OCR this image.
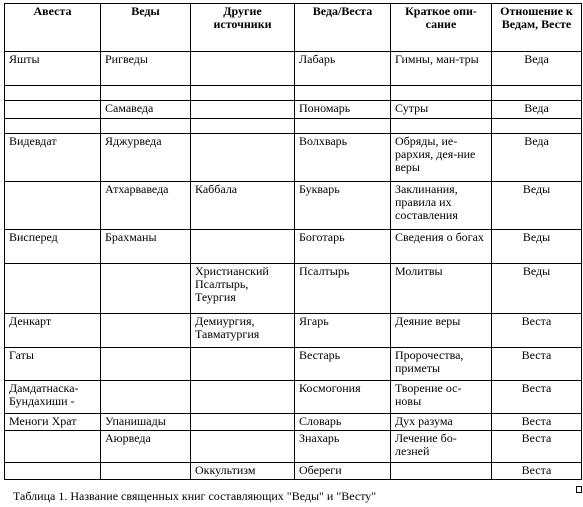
Авеста	Веды	Другие источники	Веда/Веста	Краткое опи-сание	Отношение к Ведам, Весте
Яшты	Ригведы		Лабарь	Гимны, ман-тры	Веда

	Самаведа		Пономарь	Сутры	Веда

Видевдат	Яджурведа		Волхварь	Обряды, ие-рархия, дея-ние веры	Веда
	Атхарваведа	Каббала	Букварь	Заклинания, правила их составления	Веды
Висперед	Брахманы		Боготарь	Сведения о богах	Веды
		Христианский Псалтырь, Теургия	Псалтырь	Молитвы	Веды
Денкарт		Демиургия, Тавматургия	Ягарь	Деяние веры	Веста
Гаты			Вестарь	Пророчества, приметы	Веста
Дамдатнаска-Бундахиши -			Космогония	Творение ос-новы	Веста
Меноги Храт	Упанишады		Словарь	Дух разума	Веста
	Аюрведа		Знахарь	Лечение бо-лезней	Веста
		Оккультизм	Обереги		Веста
Таблица 1. Название священных книг составляющих "Веды" и "Весту"
